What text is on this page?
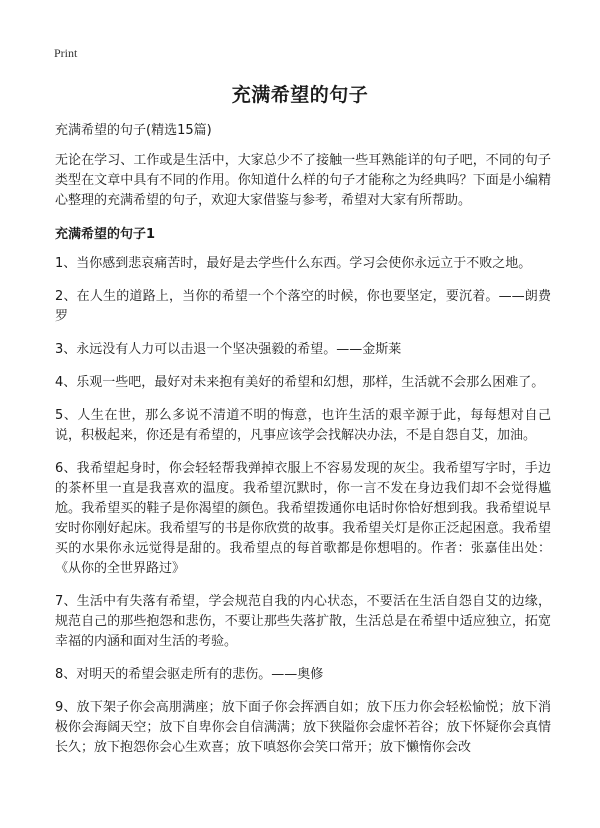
Print
充满希望的句子

充满希望的句子(精选15篇)

无论在学习、工作或是生活中，大家总少不了接触一些耳熟能详的句子吧，不同的句子类型在文章中具有不同的作用。你知道什么样的句子才能称之为经典吗？下面是小编精心整理的充满希望的句子，欢迎大家借鉴与参考，希望对大家有所帮助。

充满希望的句子1

1、当你感到悲哀痛苦时，最好是去学些什么东西。学习会使你永远立于不败之地。

2、在人生的道路上，当你的希望一个个落空的时候，你也要坚定，要沉着。——朗费罗

3、永远没有人力可以击退一个坚决强毅的希望。——金斯莱

4、乐观一些吧，最好对未来抱有美好的希望和幻想，那样，生活就不会那么困难了。

5、人生在世，那么多说不清道不明的悔意，也许生活的艰辛源于此，每每想对自己说，积极起来，你还是有希望的，凡事应该学会找解决办法，不是自怨自艾，加油。

6、我希望起身时，你会轻轻帮我弹掉衣服上不容易发现的灰尘。我希望写字时，手边的茶杯里一直是我喜欢的温度。我希望沉默时，你一言不发在身边我们却不会觉得尴尬。我希望买的鞋子是你渴望的颜色。我希望拨通你电话时你恰好想到我。我希望说早安时你刚好起床。我希望写的书是你欣赏的故事。我希望关灯是你正泛起困意。我希望买的水果你永远觉得是甜的。我希望点的每首歌都是你想唱的。作者：张嘉佳出处：《从你的全世界路过》

7、生活中有失落有希望，学会规范自我的内心状态，不要活在生活自怨自艾的边缘，规范自己的那些抱怨和悲伤，不要让那些失落扩散，生活总是在希望中适应独立，拓宽幸福的内涵和面对生活的考验。

8、对明天的希望会驱走所有的悲伤。——奥修

9、放下架子你会高朋满座；放下面子你会挥洒自如；放下压力你会轻松愉悦；放下消极你会海阔天空；放下自卑你会自信满满；放下狭隘你会虚怀若谷；放下怀疑你会真情长久；放下抱怨你会心生欢喜；放下嗔怒你会笑口常开；放下懒惰你会改
